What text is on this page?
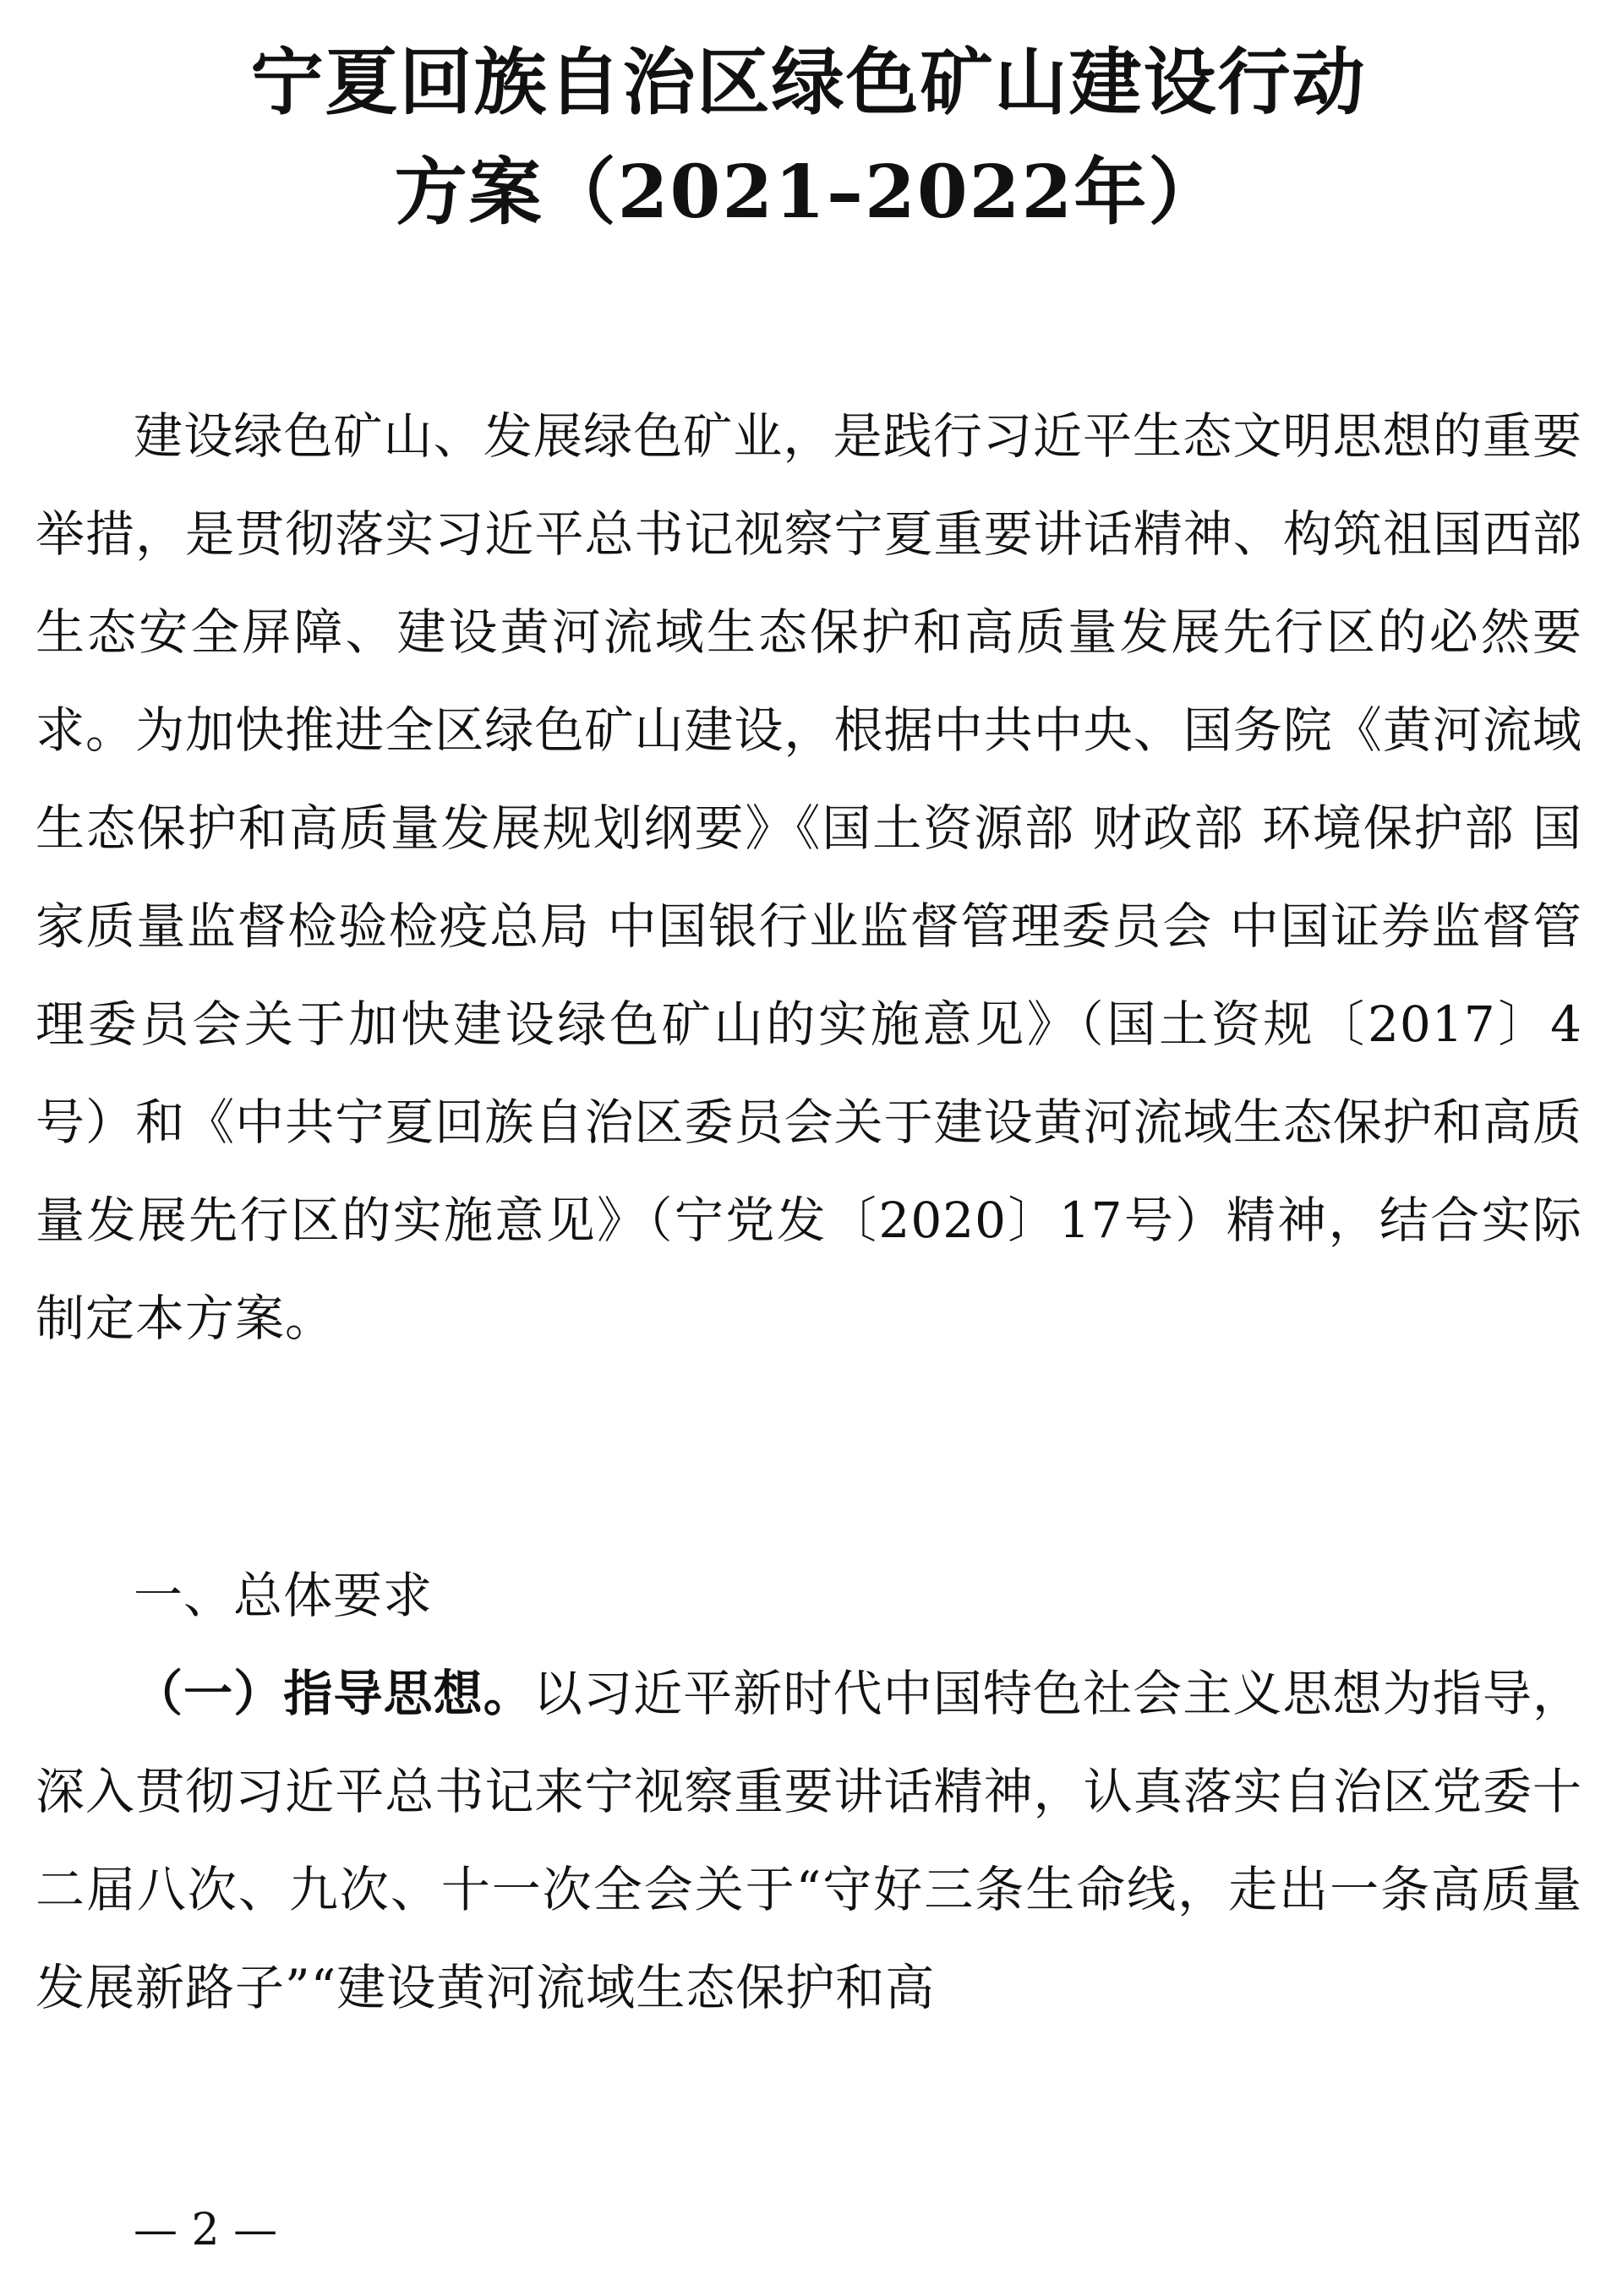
宁夏回族自治区绿色矿山建设行动
方案（2021–2022年）

建设绿色矿山、发展绿色矿业，是践行习近平生态文明思想的重要举措，是贯彻落实习近平总书记视察宁夏重要讲话精神、构筑祖国西部生态安全屏障、建设黄河流域生态保护和高质量发展先行区的必然要求。为加快推进全区绿色矿山建设，根据中共中央、国务院《黄河流域生态保护和高质量发展规划纲要》《国土资源部 财政部 环境保护部 国家质量监督检验检疫总局 中国银行业监督管理委员会 中国证券监督管理委员会关于加快建设绿色矿山的实施意见》（国土资规〔2017〕4号）和《中共宁夏回族自治区委员会关于建设黄河流域生态保护和高质量发展先行区的实施意见》（宁党发〔2020〕17号）精神，结合实际制定本方案。

一、总体要求

（一）指导思想。以习近平新时代中国特色社会主义思想为指导，深入贯彻习近平总书记来宁视察重要讲话精神，认真落实自治区党委十二届八次、九次、十一次全会关于“守好三条生命线，走出一条高质量发展新路子”“建设黄河流域生态保护和高

— 2 —
